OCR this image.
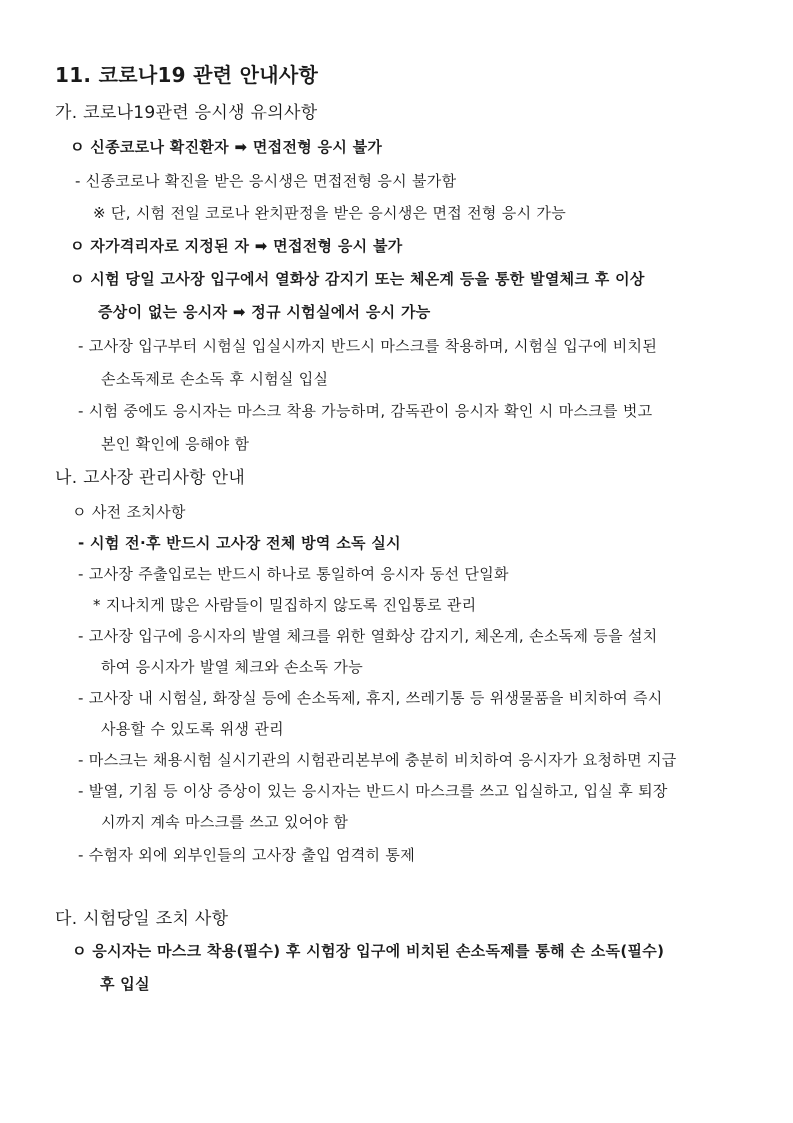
11. 코로나19 관련 안내사항
가. 코로나19관련 응시생 유의사항
ㅇ 신종코로나 확진환자 ➡ 면접전형 응시 불가
- 신종코로나 확진을 받은 응시생은 면접전형 응시 불가함
※ 단, 시험 전일 코로나 완치판정을 받은 응시생은 면접 전형 응시 가능
ㅇ 자가격리자로 지정된 자 ➡ 면접전형 응시 불가
ㅇ 시험 당일 고사장 입구에서 열화상 감지기 또는 체온계 등을 통한 발열체크 후 이상
증상이 없는 응시자 ➡ 정규 시험실에서 응시 가능
- 고사장 입구부터 시험실 입실시까지 반드시 마스크를 착용하며, 시험실 입구에 비치된
손소독제로 손소독 후 시험실 입실
- 시험 중에도 응시자는 마스크 착용 가능하며, 감독관이 응시자 확인 시 마스크를 벗고
본인 확인에 응해야 함
나. 고사장 관리사항 안내
ㅇ 사전 조치사항
- 시험 전·후 반드시 고사장 전체 방역 소독 실시
- 고사장 주출입로는 반드시 하나로 통일하여 응시자 동선 단일화
* 지나치게 많은 사람들이 밀집하지 않도록 진입통로 관리
- 고사장 입구에 응시자의 발열 체크를 위한 열화상 감지기, 체온계, 손소독제 등을 설치
하여 응시자가 발열 체크와 손소독 가능
- 고사장 내 시험실, 화장실 등에 손소독제, 휴지, 쓰레기통 등 위생물품을 비치하여 즉시
사용할 수 있도록 위생 관리
- 마스크는 채용시험 실시기관의 시험관리본부에 충분히 비치하여 응시자가 요청하면 지급
- 발열, 기침 등 이상 증상이 있는 응시자는 반드시 마스크를 쓰고 입실하고, 입실 후 퇴장
시까지 계속 마스크를 쓰고 있어야 함
- 수험자 외에 외부인들의 고사장 출입 엄격히 통제
다. 시험당일 조치 사항
ㅇ 응시자는 마스크 착용(필수) 후 시험장 입구에 비치된 손소독제를 통해 손 소독(필수)
후 입실
